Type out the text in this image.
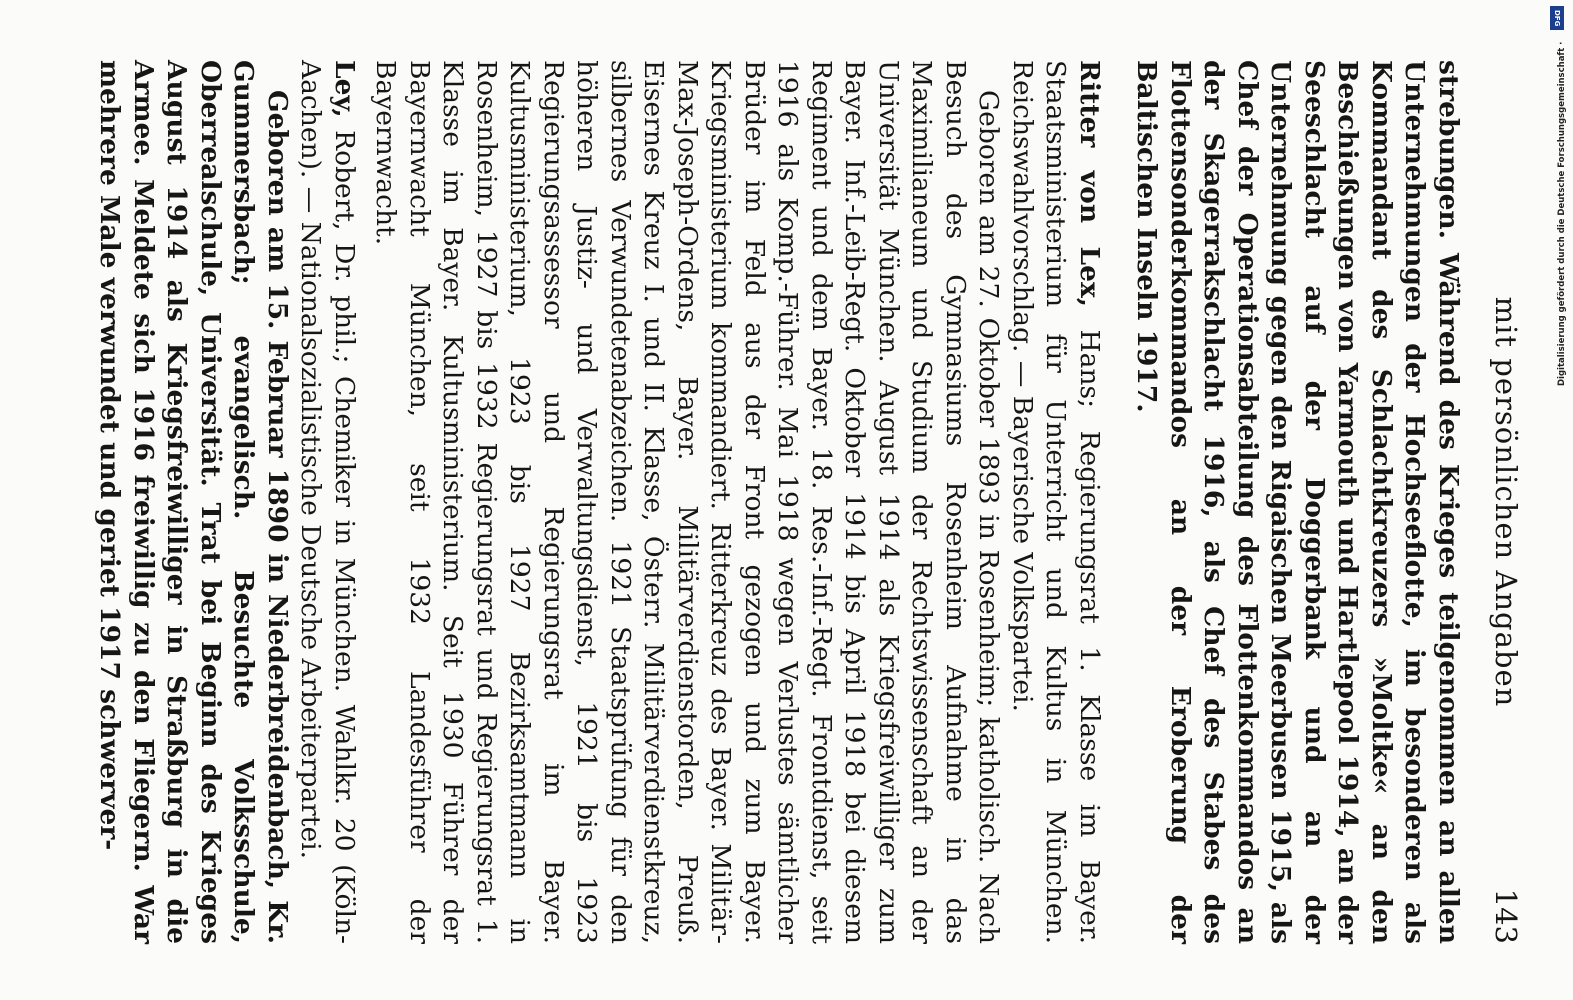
mit persönlichen Angaben
143

strebungen. Während des Krieges teilgenommen an allen Unternehmungen der Hochseeflotte, im besonderen als Kommandant des Schlachtkreuzers »Moltke« an den Beschießungen von Yarmouth und Hartlepool 1914, an der Seeschlacht auf der Doggerbank und an der Unternehmung gegen den Rigaischen Meerbusen 1915, als Chef der Operationsabteilung des Flottenkommandos an der Skagerrakschlacht 1916, als Chef des Stabes des Flottensonderkommandos an der Eroberung der Baltischen Inseln 1917.

Ritter von Lex, Hans; Regierungsrat 1. Klasse im Bayer. Staatsministerium für Unterricht und Kultus in München. Reichswahlvorschlag. — Bayerische Volkspartei.

Geboren am 27. Oktober 1893 in Rosenheim; katholisch. Nach Besuch des Gymnasiums Rosenheim Aufnahme in das Maximilianeum und Studium der Rechtswissenschaft an der Universität München. August 1914 als Kriegsfreiwilliger zum Bayer. Inf.-Leib-Regt. Oktober 1914 bis April 1918 bei diesem Regiment und dem Bayer. 18. Res.-Inf.-Regt. Frontdienst, seit 1916 als Komp.-Führer. Mai 1918 wegen Verlustes sämtlicher Brüder im Feld aus der Front gezogen und zum Bayer. Kriegsministerium kommandiert. Ritterkreuz des Bayer. Militär-Max-Joseph-Ordens, Bayer. Militärverdienstorden, Preuß. Eisernes Kreuz I. und II. Klasse, Österr. Militärverdienstkreuz, silbernes Verwundetenabzeichen. 1921 Staatsprüfung für den höheren Justiz- und Verwaltungsdienst, 1921 bis 1923 Regierungsassessor und Regierungsrat im Bayer. Kultusministerium, 1923 bis 1927 Bezirksamtmann in Rosenheim, 1927 bis 1932 Regierungsrat und Regierungsrat 1. Klasse im Bayer. Kultusministerium. Seit 1930 Führer der Bayernwacht München, seit 1932 Landesführer der Bayernwacht.

Ley, Robert, Dr. phil.; Chemiker in München. Wahlkr. 20 (Köln-Aachen). — Nationalsozialistische Deutsche Arbeiterpartei.

Geboren am 15. Februar 1890 in Niederbreidenbach, Kr. Gummersbach; evangelisch. Besuchte Volksschule, Oberrealschule, Universität. Trat bei Beginn des Krieges August 1914 als Kriegsfreiwilliger in Straßburg in die Armee. Meldete sich 1916 freiwillig zu den Fliegern. War mehrere Male verwundet und geriet 1917 schwerver-

DFG
Digitalisierung gefördert durch die Deutsche Forschungsgemeinschaft ·
